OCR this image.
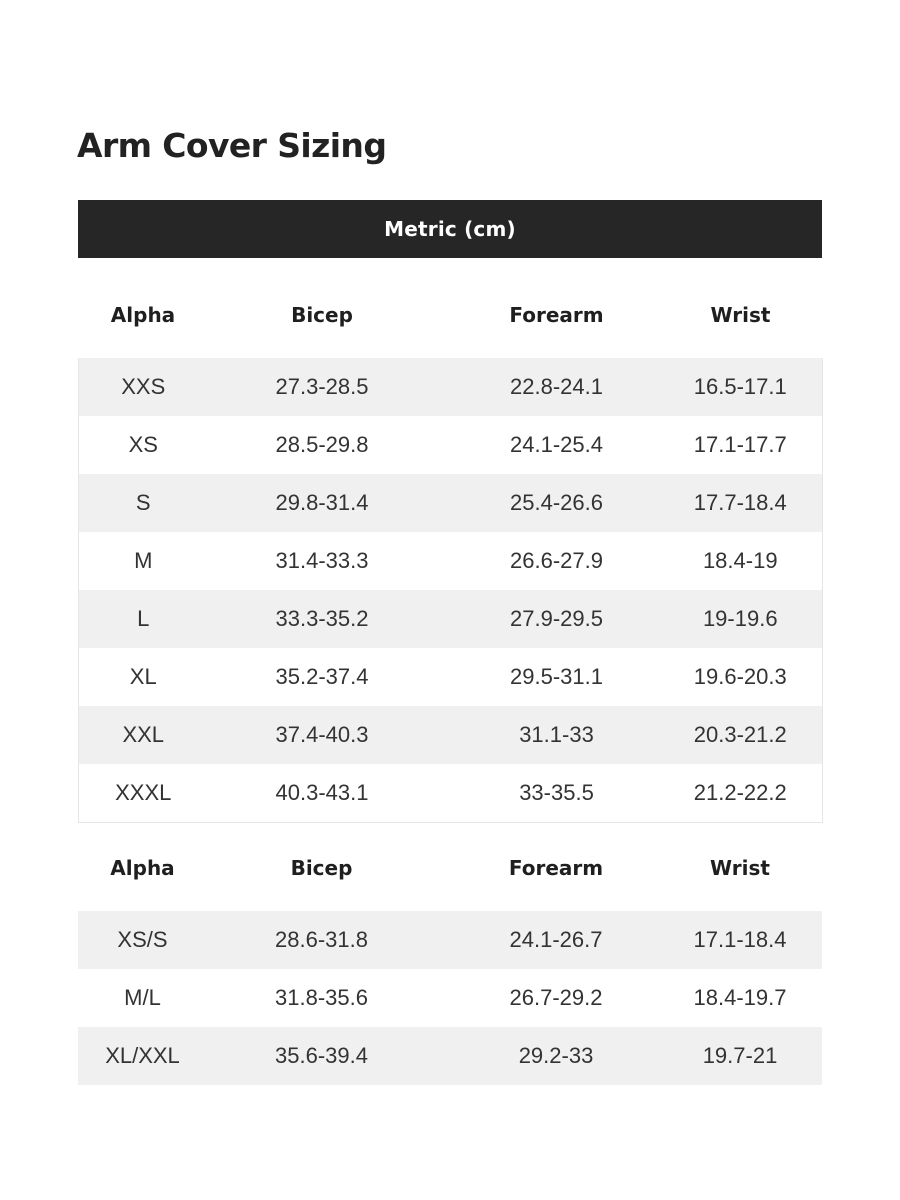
Arm Cover Sizing
Metric (cm)
Alpha	Bicep	Forearm	Wrist
XXS	27.3-28.5	22.8-24.1	16.5-17.1
XS	28.5-29.8	24.1-25.4	17.1-17.7
S	29.8-31.4	25.4-26.6	17.7-18.4
M	31.4-33.3	26.6-27.9	18.4-19
L	33.3-35.2	27.9-29.5	19-19.6
XL	35.2-37.4	29.5-31.1	19.6-20.3
XXL	37.4-40.3	31.1-33	20.3-21.2
XXXL	40.3-43.1	33-35.5	21.2-22.2
Alpha	Bicep	Forearm	Wrist
XS/S	28.6-31.8	24.1-26.7	17.1-18.4
M/L	31.8-35.6	26.7-29.2	18.4-19.7
XL/XXL	35.6-39.4	29.2-33	19.7-21
